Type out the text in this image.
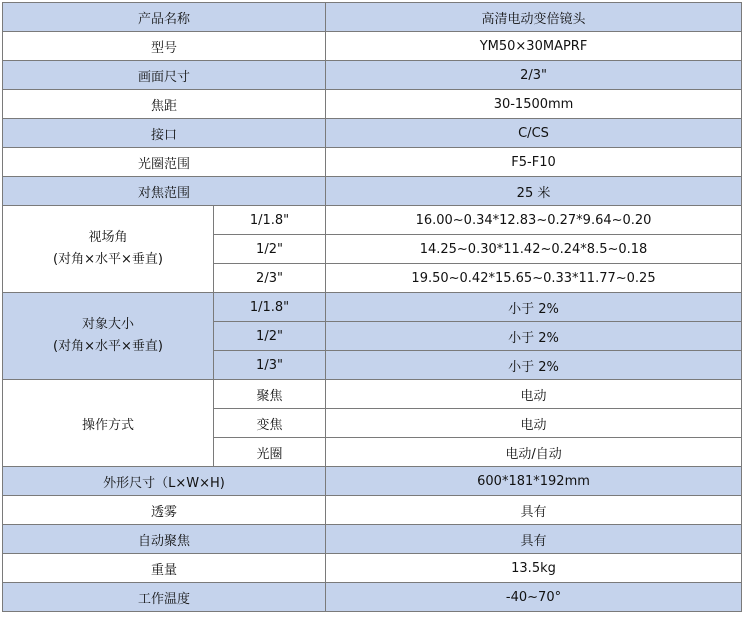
产品名称		高清电动变倍镜头
型号		YM50×30MAPRF
画面尺寸		2/3"
焦距		30-1500mm
接口		C/CS
光圈范围		F5-F10
对焦范围		25 米

视场角
(对角×水平×垂直)	1/1.8"	16.00~0.34*12.83~0.27*9.64~0.20
	1/2"	14.25~0.30*11.42~0.24*8.5~0.18
	2/3"	19.50~0.42*15.65~0.33*11.77~0.25

对象大小
(对角×水平×垂直)	1/1.8"	小于 2%
	1/2"	小于 2%
	1/3"	小于 2%
操作方式	聚焦	电动
	变焦	电动
	光圈	电动/自动
外形尺寸（L×W×H)		600*181*192mm
透雾		具有
自动聚焦		具有
重量		13.5kg
工作温度		-40~70°
